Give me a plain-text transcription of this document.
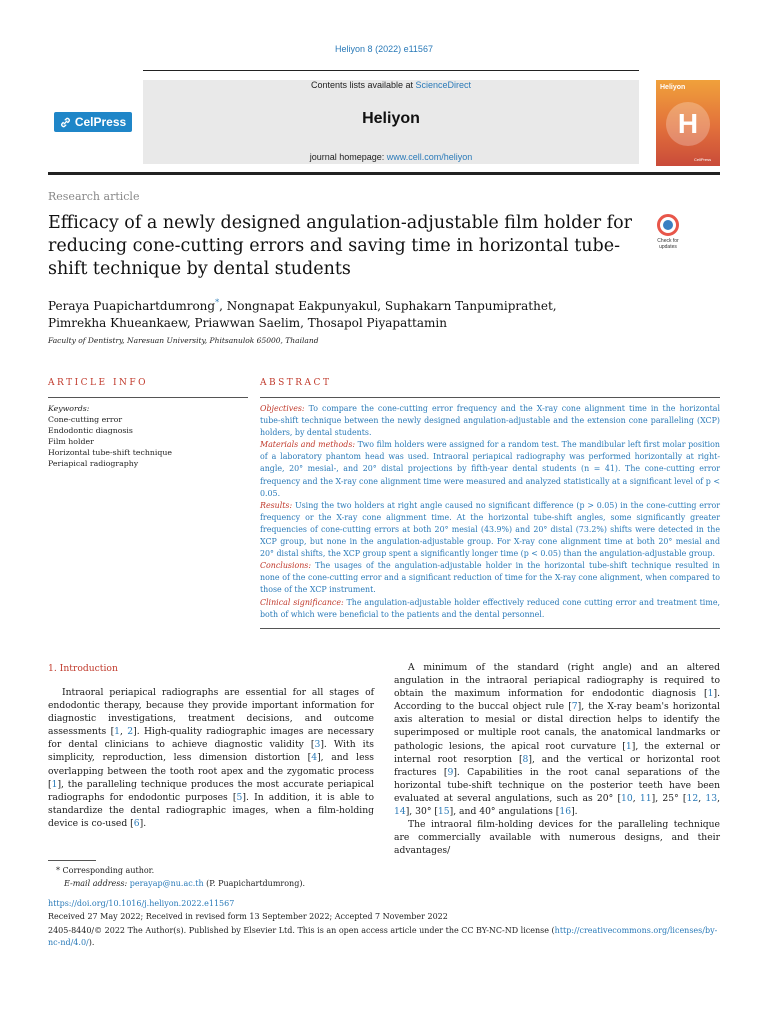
Heliyon 8 (2022) e11567
CelPress
Contents lists available at ScienceDirect
Heliyon
journal homepage: www.cell.com/heliyon
Heliyon
H
CellPress
Research article
Efficacy of a newly designed angulation-adjustable film holder for reducing cone-cutting errors and saving time in horizontal tube-shift technique by dental students
Check for updates
Peraya Puapichartdumrong*, Nongnapat Eakpunyakul, Suphakarn Tanpumiprathet,
Pimrekha Khueankaew, Priawwan Saelim, Thosapol Piyapattamin
Faculty of Dentistry, Naresuan University, Phitsanulok 65000, Thailand
ARTICLE INFO	ABSTRACT
Keywords:
Cone-cutting error
Endodontic diagnosis
Film holder
Horizontal tube-shift technique
Periapical radiography
Objectives: To compare the cone-cutting error frequency and the X-ray cone alignment time in the horizontal tube-shift technique between the newly designed angulation-adjustable and the extension cone paralleling (XCP) holders, by dental students.
Materials and methods: Two film holders were assigned for a random test. The mandibular left first molar position of a laboratory phantom head was used. Intraoral periapical radiography was performed horizontally at right-angle, 20° mesial-, and 20° distal projections by fifth-year dental students (n = 41). The cone-cutting error frequency and the X-ray cone alignment time were measured and analyzed statistically at a significant level of p < 0.05.
Results: Using the two holders at right angle caused no significant difference (p > 0.05) in the cone-cutting error frequency or the X-ray cone alignment time. At the horizontal tube-shift angles, some significantly greater frequencies of cone-cutting errors at both 20° mesial (43.9%) and 20° distal (73.2%) shifts were detected in the XCP group, but none in the angulation-adjustable group. For X-ray cone alignment time at both 20° mesial and 20° distal shifts, the XCP group spent a significantly longer time (p < 0.05) than the angulation-adjustable group.
Conclusions: The usages of the angulation-adjustable holder in the horizontal tube-shift technique resulted in none of the cone-cutting error and a significant reduction of time for the X-ray cone alignment, when compared to those of the XCP instrument.
Clinical significance: The angulation-adjustable holder effectively reduced cone cutting error and treatment time, both of which were beneficial to the patients and the dental personnel.
1. Introduction

Intraoral periapical radiographs are essential for all stages of endodontic therapy, because they provide important information for diagnostic investigations, treatment decisions, and outcome assessments [1, 2]. High-quality radiographic images are necessary for dental clinicians to achieve diagnostic validity [3]. With its simplicity, reproduction, less dimension distortion [4], and less overlapping between the tooth root apex and the zygomatic process [1], the paralleling technique produces the most accurate periapical radiographs for endodontic purposes [5]. In addition, it is able to standardize the dental radiographic images, when a film-holding device is co-used [6].

A minimum of the standard (right angle) and an altered angulation in the intraoral periapical radiography is required to obtain the maximum information for endodontic diagnosis [1]. According to the buccal object rule [7], the X-ray beam's horizontal axis alteration to mesial or distal direction helps to identify the superimposed or multiple root canals, the anatomical landmarks or pathologic lesions, the apical root curvature [1], the external or internal root resorption [8], and the vertical or horizontal root fractures [9]. Capabilities in the root canal separations of the horizontal tube-shift technique on the posterior teeth have been evaluated at several angulations, such as 20° [10, 11], 25° [12, 13, 14], 30° [15], and 40° angulations [16].

The intraoral film-holding devices for the paralleling technique are commercially available with numerous designs, and their advantages/

* Corresponding author.
E-mail address: perayap@nu.ac.th (P. Puapichartdumrong).
https://doi.org/10.1016/j.heliyon.2022.e11567
Received 27 May 2022; Received in revised form 13 September 2022; Accepted 7 November 2022
2405-8440/© 2022 The Author(s). Published by Elsevier Ltd. This is an open access article under the CC BY-NC-ND license (http://creativecommons.org/licenses/by-nc-nd/4.0/).
